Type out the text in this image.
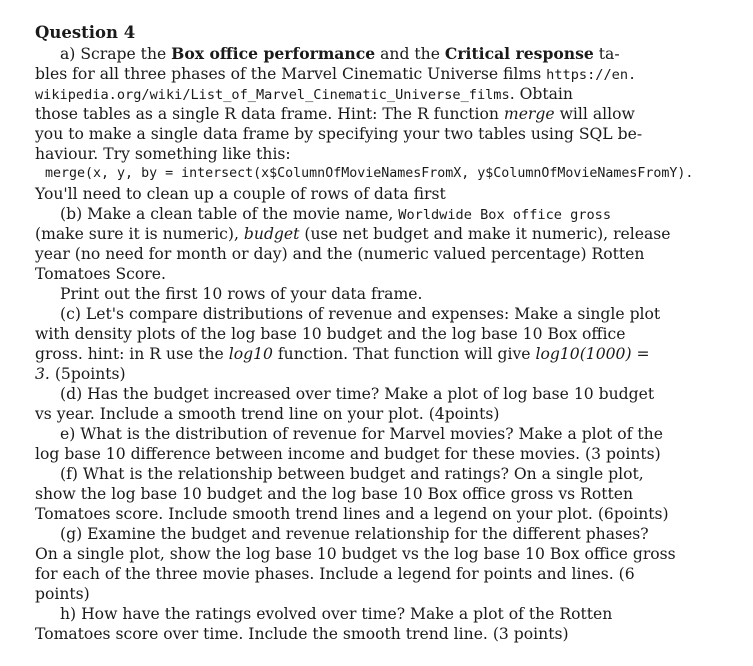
Question 4
a) Scrape the Box office performance and the Critical response ta-
bles for all three phases of the Marvel Cinematic Universe films https://en.
wikipedia.org/wiki/List_of_Marvel_Cinematic_Universe_films. Obtain
those tables as a single R data frame. Hint: The R function merge will allow
you to make a single data frame by specifying your two tables using SQL be-
haviour. Try something like this:
merge(x, y, by = intersect(x$ColumnOfMovieNamesFromX, y$ColumnOfMovieNamesFromY).
You'll need to clean up a couple of rows of data first
(b) Make a clean table of the movie name, Worldwide Box office gross
(make sure it is numeric), budget (use net budget and make it numeric), release
year (no need for month or day) and the (numeric valued percentage) Rotten
Tomatoes Score.
Print out the first 10 rows of your data frame.
(c) Let's compare distributions of revenue and expenses: Make a single plot
with density plots of the log base 10 budget and the log base 10 Box office
gross. hint: in R use the log10 function. That function will give log10(1000) =
3. (5points)
(d) Has the budget increased over time? Make a plot of log base 10 budget
vs year. Include a smooth trend line on your plot. (4points)
e) What is the distribution of revenue for Marvel movies? Make a plot of the
log base 10 difference between income and budget for these movies. (3 points)
(f) What is the relationship between budget and ratings? On a single plot,
show the log base 10 budget and the log base 10 Box office gross vs Rotten
Tomatoes score. Include smooth trend lines and a legend on your plot. (6points)
(g) Examine the budget and revenue relationship for the different phases?
On a single plot, show the log base 10 budget vs the log base 10 Box office gross
for each of the three movie phases. Include a legend for points and lines. (6
points)
h) How have the ratings evolved over time? Make a plot of the Rotten
Tomatoes score over time. Include the smooth trend line. (3 points)
